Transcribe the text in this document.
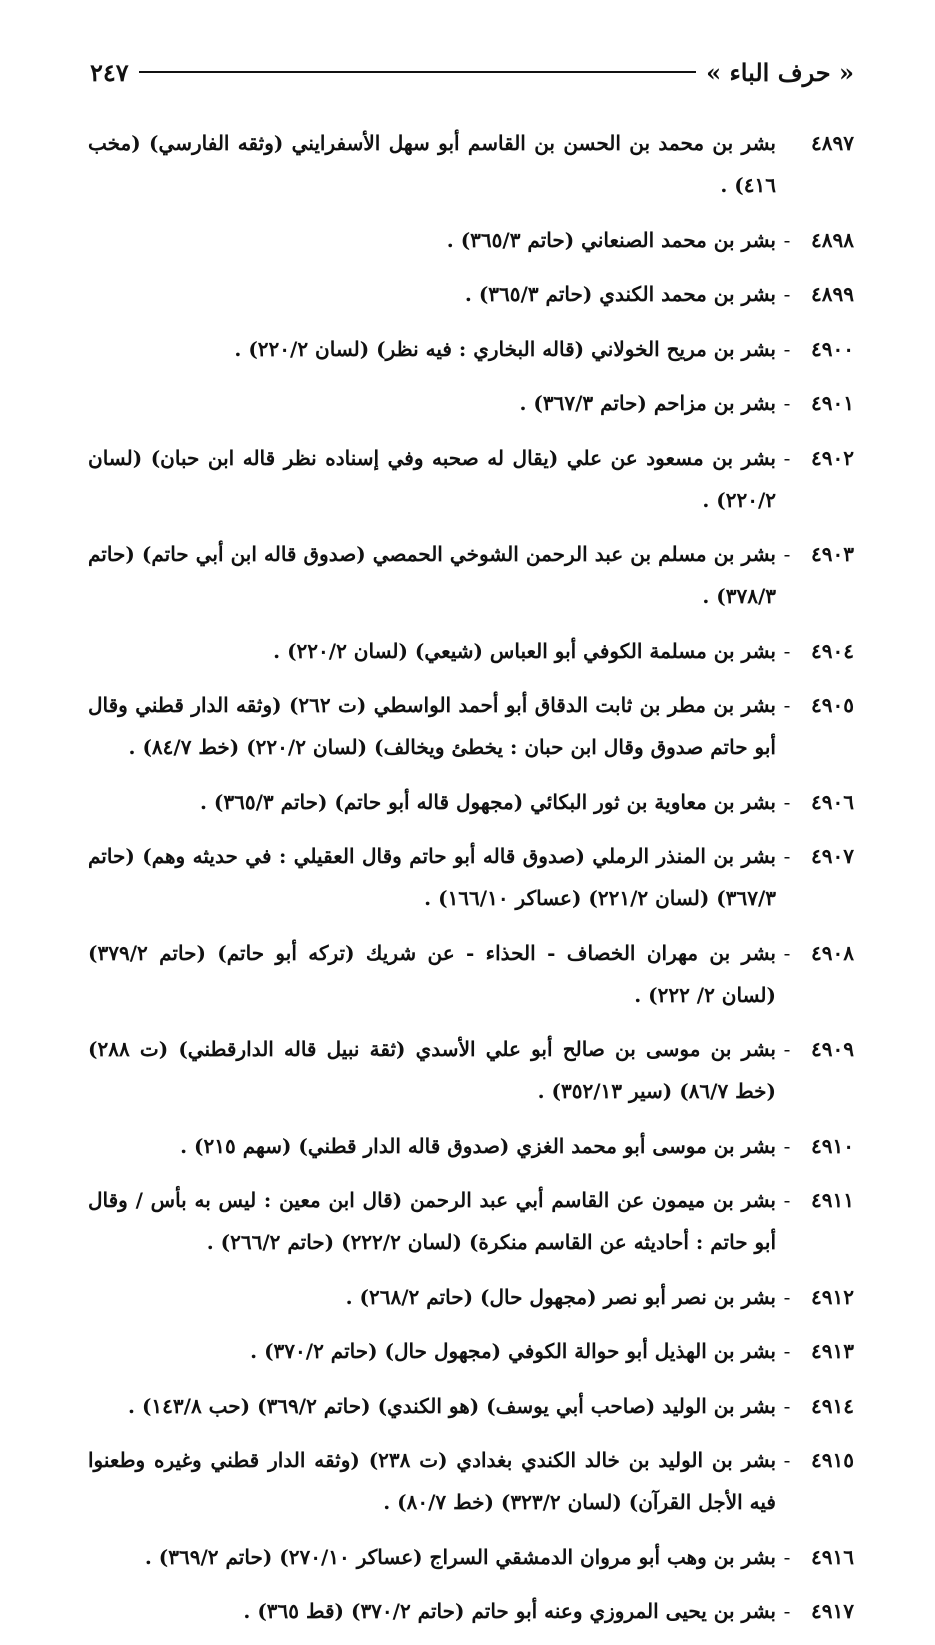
« حرف الباء »
٢٤٧
٤٨٩٧
بشر بن محمد بن الحسن بن القاسم أبو سهل الأسفرايني (وثقه الفارسي) (مخب ٤١٦) .
٤٨٩٨
-
بشر بن محمد الصنعاني (حاتم ٣٦٥/٣) .
٤٨٩٩
-
بشر بن محمد الكندي (حاتم ٣٦٥/٣) .
٤٩٠٠
-
بشر بن مريح الخولاني (قاله البخاري : فيه نظر) (لسان ٢٢٠/٢) .
٤٩٠١
-
بشر بن مزاحم (حاتم ٣٦٧/٣) .
٤٩٠٢
-
بشر بن مسعود عن علي (يقال له صحبه وفي إسناده نظر قاله ابن حبان) (لسان ٢٢٠/٢) .
٤٩٠٣
-
بشر بن مسلم بن عبد الرحمن الشوخي الحمصي (صدوق قاله ابن أبي حاتم) (حاتم ٣٧٨/٣) .
٤٩٠٤
-
بشر بن مسلمة الكوفي أبو العباس (شيعي) (لسان ٢٢٠/٢) .
٤٩٠٥
-
بشر بن مطر بن ثابت الدقاق أبو أحمد الواسطي (ت ٢٦٢) (وثقه الدار قطني وقال أبو حاتم صدوق وقال ابن حبان : يخطئ ويخالف) (لسان ٢٢٠/٢) (خط ٨٤/٧) .
٤٩٠٦
-
بشر بن معاوية بن ثور البكائي (مجهول قاله أبو حاتم) (حاتم ٣٦٥/٣) .
٤٩٠٧
-
بشر بن المنذر الرملي (صدوق قاله أبو حاتم وقال العقيلي : في حديثه وهم) (حاتم ٣٦٧/٣) (لسان ٢٢١/٢) (عساكر ١٦٦/١٠) .
٤٩٠٨
-
بشر بن مهران الخصاف - الحذاء - عن شريك (تركه أبو حاتم) (حاتم ٣٧٩/٢) (لسان ٢/ ٢٢٢) .
٤٩٠٩
-
بشر بن موسى بن صالح أبو علي الأسدي (ثقة نبيل قاله الدارقطني) (ت ٢٨٨) (خط ٨٦/٧) (سير ٣٥٢/١٣) .
٤٩١٠
-
بشر بن موسى أبو محمد الغزي (صدوق قاله الدار قطني) (سهم ٢١٥) .
٤٩١١
-
بشر بن ميمون عن القاسم أبي عبد الرحمن (قال ابن معين : ليس به بأس / وقال أبو حاتم : أحاديثه عن القاسم منكرة) (لسان ٢٢٢/٢) (حاتم ٢٦٦/٢) .
٤٩١٢
-
بشر بن نصر أبو نصر (مجهول حال) (حاتم ٢٦٨/٢) .
٤٩١٣
-
بشر بن الهذيل أبو حوالة الكوفي (مجهول حال) (حاتم ٣٧٠/٢) .
٤٩١٤
-
بشر بن الوليد (صاحب أبي يوسف) (هو الكندي) (حاتم ٣٦٩/٢) (حب ١٤٣/٨) .
٤٩١٥
-
بشر بن الوليد بن خالد الكندي بغدادي (ت ٢٣٨) (وثقه الدار قطني وغيره وطعنوا فيه الأجل القرآن) (لسان ٣٢٣/٢) (خط ٨٠/٧) .
٤٩١٦
-
بشر بن وهب أبو مروان الدمشقي السراج (عساكر ٢٧٠/١٠) (حاتم ٣٦٩/٢) .
٤٩١٧
-
بشر بن يحيى المروزي وعنه أبو حاتم (حاتم ٣٧٠/٢) (قط ٣٦٥) .
